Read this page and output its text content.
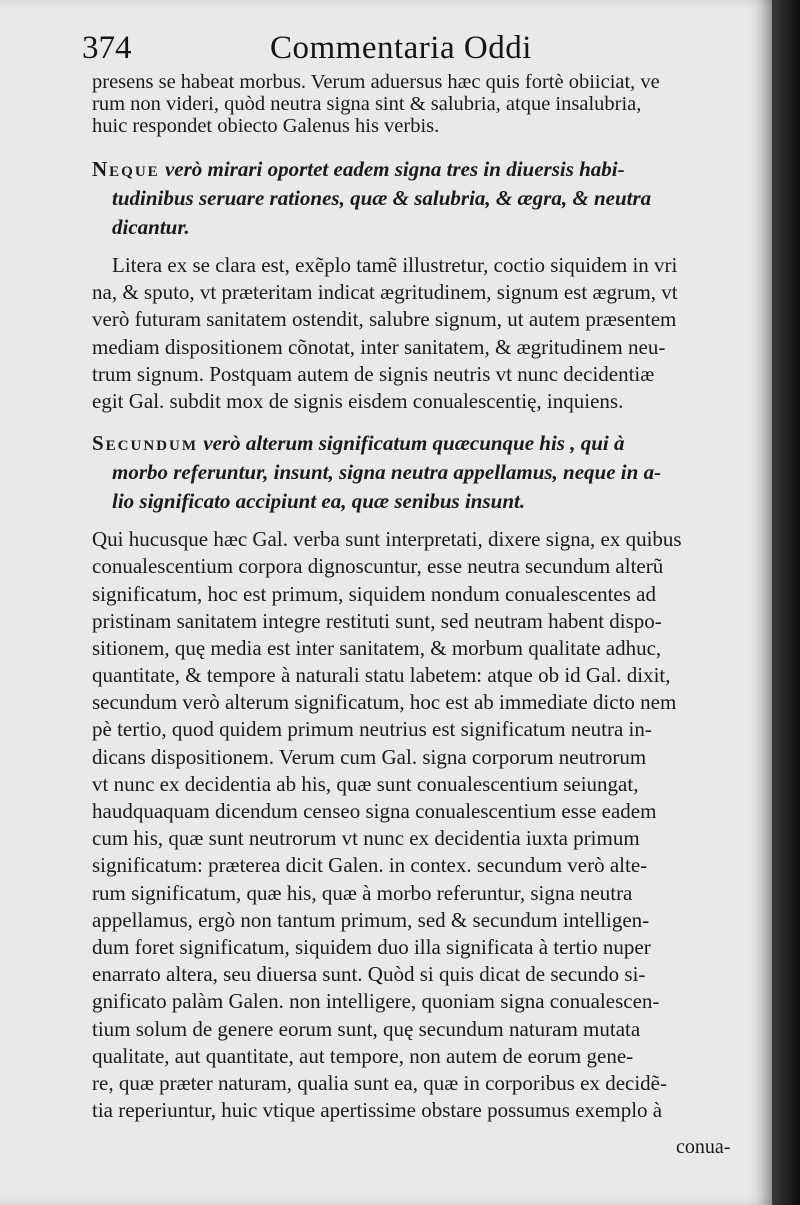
374	Commentaria Oddi
presens se habeat morbus. Verum aduersus hæc quis fortè obiiciat, ve
rum non videri, quòd neutra signa sint & salubria, atque insalubria,
huic respondet obiecto Galenus his verbis.
Neque verò mirari oportet eadem signa tres in diuersis habi-
tudinibus seruare rationes, quæ & salubria, & ægra, & neutra
dicantur.
Litera ex se clara est, exẽplo tamẽ illustretur, coctio siquidem in vri
na, & sputo, vt præteritam indicat ægritudinem, signum est ægrum, vt
verò futuram sanitatem ostendit, salubre signum, ut autem præsentem
mediam dispositionem cõnotat, inter sanitatem, & ægritudinem neu-
trum signum. Postquam autem de signis neutris vt nunc decidentiæ
egit Gal. subdit mox de signis eisdem conualescentię, inquiens.
Secundum verò alterum significatum quæcunque his , qui à
morbo referuntur, insunt, signa neutra appellamus, neque in a-
lio significato accipiunt ea, quæ senibus insunt.
Qui hucusque hæc Gal. verba sunt interpretati, dixere signa, ex quibus
conualescentium corpora dignoscuntur, esse neutra secundum alterũ
significatum, hoc est primum, siquidem nondum conualescentes ad
pristinam sanitatem integre restituti sunt, sed neutram habent dispo-
sitionem, quę media est inter sanitatem, & morbum qualitate adhuc,
quantitate, & tempore à naturali statu labetem: atque ob id Gal. dixit,
secundum verò alterum significatum, hoc est ab immediate dicto nem
pè tertio, quod quidem primum neutrius est significatum neutra in-
dicans dispositionem. Verum cum Gal. signa corporum neutrorum
vt nunc ex decidentia ab his, quæ sunt conualescentium seiungat,
haudquaquam dicendum censeo signa conualescentium esse eadem
cum his, quæ sunt neutrorum vt nunc ex decidentia iuxta primum
significatum: præterea dicit Galen. in contex. secundum verò alte-
rum significatum, quæ his, quæ à morbo referuntur, signa neutra
appellamus, ergò non tantum primum, sed & secundum intelligen-
dum foret significatum, siquidem duo illa significata à tertio nuper
enarrato altera, seu diuersa sunt. Quòd si quis dicat de secundo si-
gnificato palàm Galen. non intelligere, quoniam signa conualescen-
tium solum de genere eorum sunt, quę secundum naturam mutata
qualitate, aut quantitate, aut tempore, non autem de eorum gene-
re, quæ præter naturam, qualia sunt ea, quæ in corporibus ex decidẽ-
tia reperiuntur, huic vtique apertissime obstare possumus exemplo à
conua-
